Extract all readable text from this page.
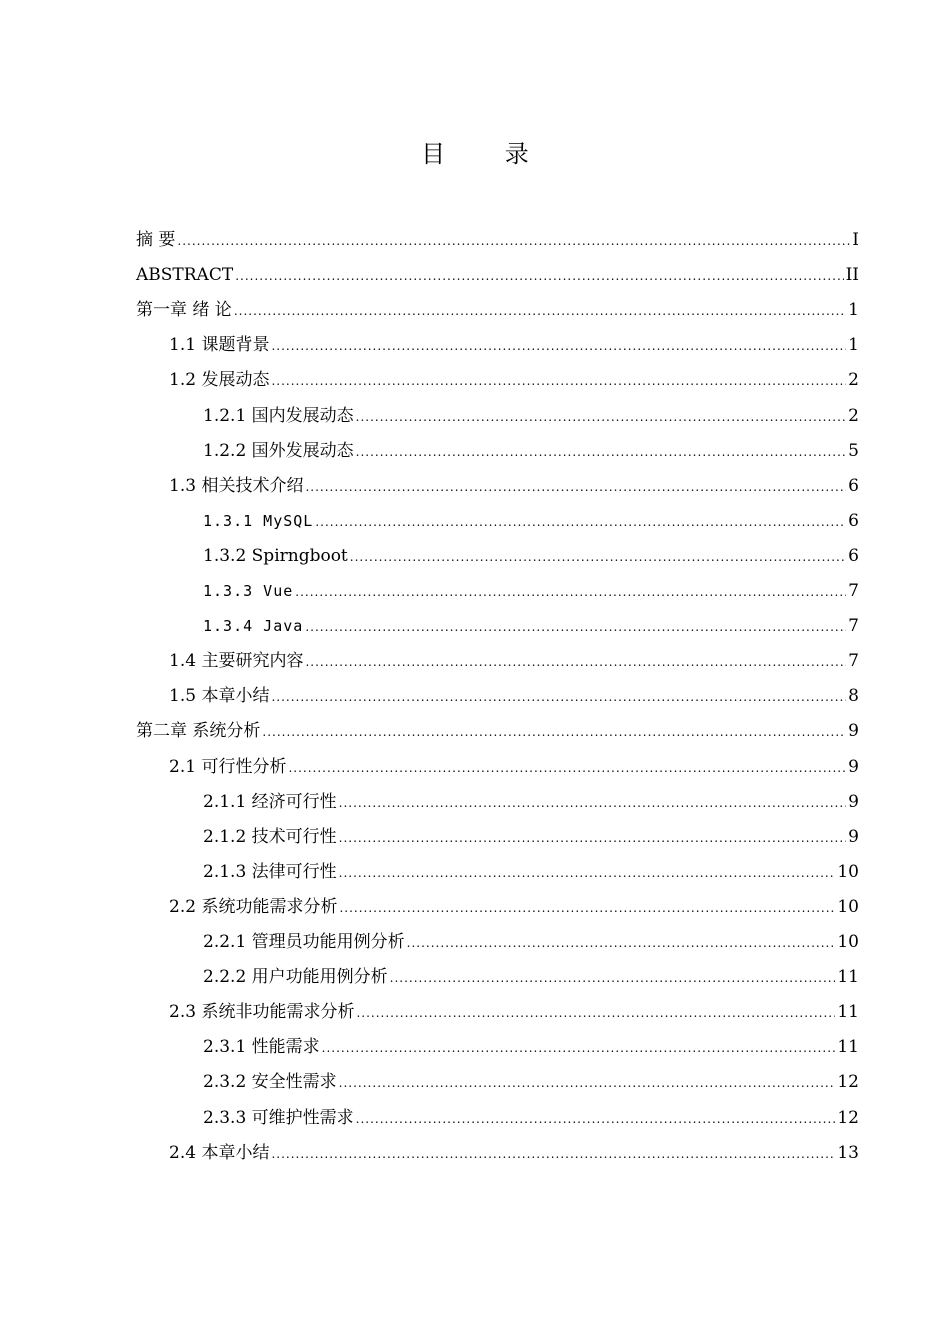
目 录
摘 要 .....	I
ABSTRACT .....	II
第一章 绪 论 .....	1
1.1 课题背景 .....	1
1.2 发展动态 .....	2
1.2.1 国内发展动态 .....	2
1.2.2 国外发展动态 .....	5
1.3 相关技术介绍 .....	6
1.3.1 MySQL .....	6
1.3.2 Spirngboot .....	6
1.3.3 Vue .....	7
1.3.4 Java .....	7
1.4 主要研究内容 .....	7
1.5 本章小结 .....	8
第二章 系统分析 .....	9
2.1 可行性分析 .....	9
2.1.1 经济可行性 .....	9
2.1.2 技术可行性 .....	9
2.1.3 法律可行性 .....	10
2.2 系统功能需求分析 .....	10
2.2.1 管理员功能用例分析 .....	10
2.2.2 用户功能用例分析 .....	11
2.3 系统非功能需求分析 .....	11
2.3.1 性能需求 .....	11
2.3.2 安全性需求 .....	12
2.3.3 可维护性需求 .....	12
2.4 本章小结 .....	13
